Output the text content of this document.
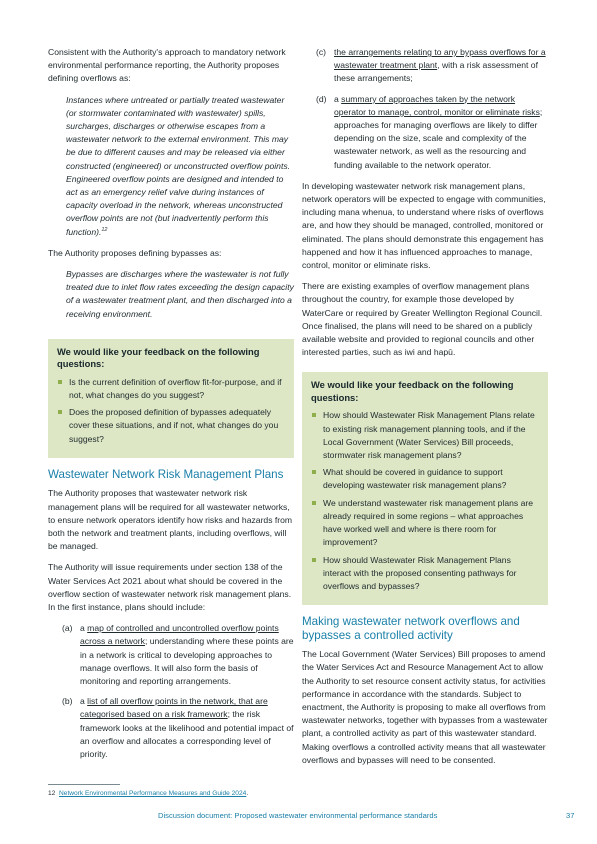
Consistent with the Authority's approach to mandatory network environmental performance reporting, the Authority proposes defining overflows as:

Instances where untreated or partially treated wastewater (or stormwater contaminated with wastewater) spills, surcharges, discharges or otherwise escapes from a wastewater network to the external environment. This may be due to different causes and may be released via either constructed (engineered) or unconstructed overflow points. Engineered overflow points are designed and intended to act as an emergency relief valve during instances of capacity overload in the network, whereas unconstructed overflow points are not (but inadvertently perform this function).$^{12}$

The Authority proposes defining bypasses as:

Bypasses are discharges where the wastewater is not fully treated due to inlet flow rates exceeding the design capacity of a wastewater treatment plant, and then discharged into a receiving environment.

We would like your feedback on the following questions:
Is the current definition of overflow fit-for-purpose, and if not, what changes do you suggest?
Does the proposed definition of bypasses adequately cover these situations, and if not, what changes do you suggest?
Wastewater Network Risk Management Plans

The Authority proposes that wastewater network risk management plans will be required for all wastewater networks, to ensure network operators identify how risks and hazards from both the network and treatment plants, including overflows, will be managed.

The Authority will issue requirements under section 138 of the Water Services Act 2021 about what should be covered in the overflow section of wastewater network risk management plans. In the first instance, plans should include:

(a) a map of controlled and uncontrolled overflow points across a network; understanding where these points are in a network is critical to developing approaches to manage overflows. It will also form the basis of monitoring and reporting arrangements.
(b) a list of all overflow points in the network, that are categorised based on a risk framework; the risk framework looks at the likelihood and potential impact of an overflow and allocates a corresponding level of priority.
(c) the arrangements relating to any bypass overflows for a wastewater treatment plant, with a risk assessment of these arrangements;
(d) a summary of approaches taken by the network operator to manage, control, monitor or eliminate risks; approaches for managing overflows are likely to differ depending on the size, scale and complexity of the wastewater network, as well as the resourcing and funding available to the network operator.

In developing wastewater network risk management plans, network operators will be expected to engage with communities, including mana whenua, to understand where risks of overflows are, and how they should be managed, controlled, monitored or eliminated. The plans should demonstrate this engagement has happened and how it has influenced approaches to manage, control, monitor or eliminate risks.

There are existing examples of overflow management plans throughout the country, for example those developed by WaterCare or required by Greater Wellington Regional Council. Once finalised, the plans will need to be shared on a publicly available website and provided to regional councils and other interested parties, such as iwi and hapū.

We would like your feedback on the following questions:
How should Wastewater Risk Management Plans relate to existing risk management planning tools, and if the Local Government (Water Services) Bill proceeds, stormwater risk management plans?
What should be covered in guidance to support developing wastewater risk management plans?
We understand wastewater risk management plans are already required in some regions – what approaches have worked well and where is there room for improvement?
How should Wastewater Risk Management Plans interact with the proposed consenting pathways for overflows and bypasses?
Making wastewater network overflows and bypasses a controlled activity

The Local Government (Water Services) Bill proposes to amend the Water Services Act and Resource Management Act to allow the Authority to set resource consent activity status, for activities performance in accordance with the standards. Subject to enactment, the Authority is proposing to make all overflows from wastewater networks, together with bypasses from a wastewater plant, a controlled activity as part of this wastewater standard. Making overflows a controlled activity means that all wastewater overflows and bypasses will need to be consented.

12 Network Environmental Performance Measures and Guide 2024.
Discussion document: Proposed wastewater environmental performance standards	37
